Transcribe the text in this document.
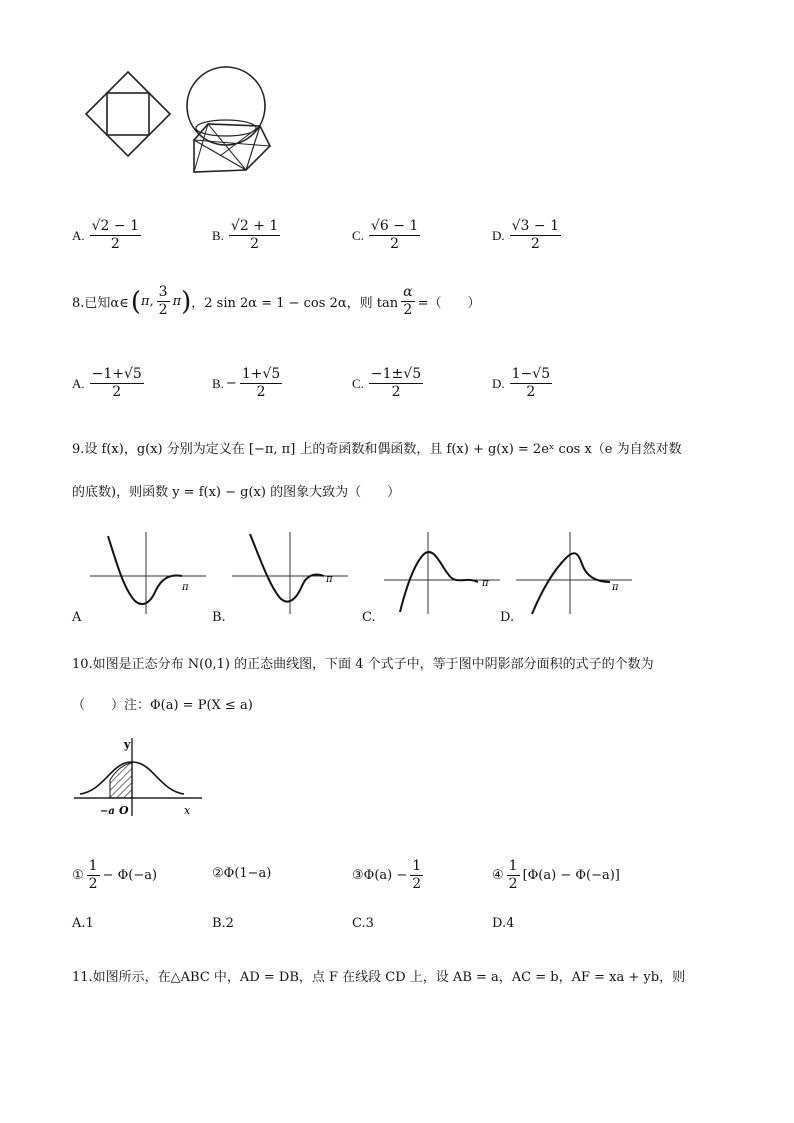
A. $\frac{√2 - 1}{2}$	B. $\frac{√2 + 1}{2}$	C. $\frac{√6 - 1}{2}$	D. $\frac{√3 - 1}{2}$
8.已知α∈ ( π, $\frac{3}{2}$ π ) ，2 sin 2α = 1 − cos 2α，则 $\tan \frac{\alpha}{2}$ =（　　）
A. $\frac{-1+√5}{2}$	B. − $\frac{1+√5}{2}$	C. $\frac{-1\pm√5}{2}$	D. $\frac{1-√5}{2}$
9.设 f(x)，g(x) 分别为定义在 [−π, π] 上的奇函数和偶函数，且 f(x) + g(x) = 2eˣ cos x（e 为自然对数
的底数)，则函数 y = f(x) − g(x) 的图象大致为（　　）
π
π	π	π
A	B.	C.	D.
10.如图是正态分布 N(0,1) 的正态曲线图，下面 4 个式子中，等于图中阴影部分面积的式子的个数为
（　　）注：Φ(a) = P(X ≤ a)
y
x
O
−a
① $\frac{1}{2} - \Phi(-a)$	② Φ(1−a)	③ $\Phi(a) - \frac{1}{2}$	④ $\frac{1}{2} [\Phi(a) - \Phi(-a)]$
A.1	B.2	C.3	D.4
11.如图所示，在△ABC 中，AD = DB，点 F 在线段 CD 上，设 AB = a，AC = b，AF = xa + yb，则
